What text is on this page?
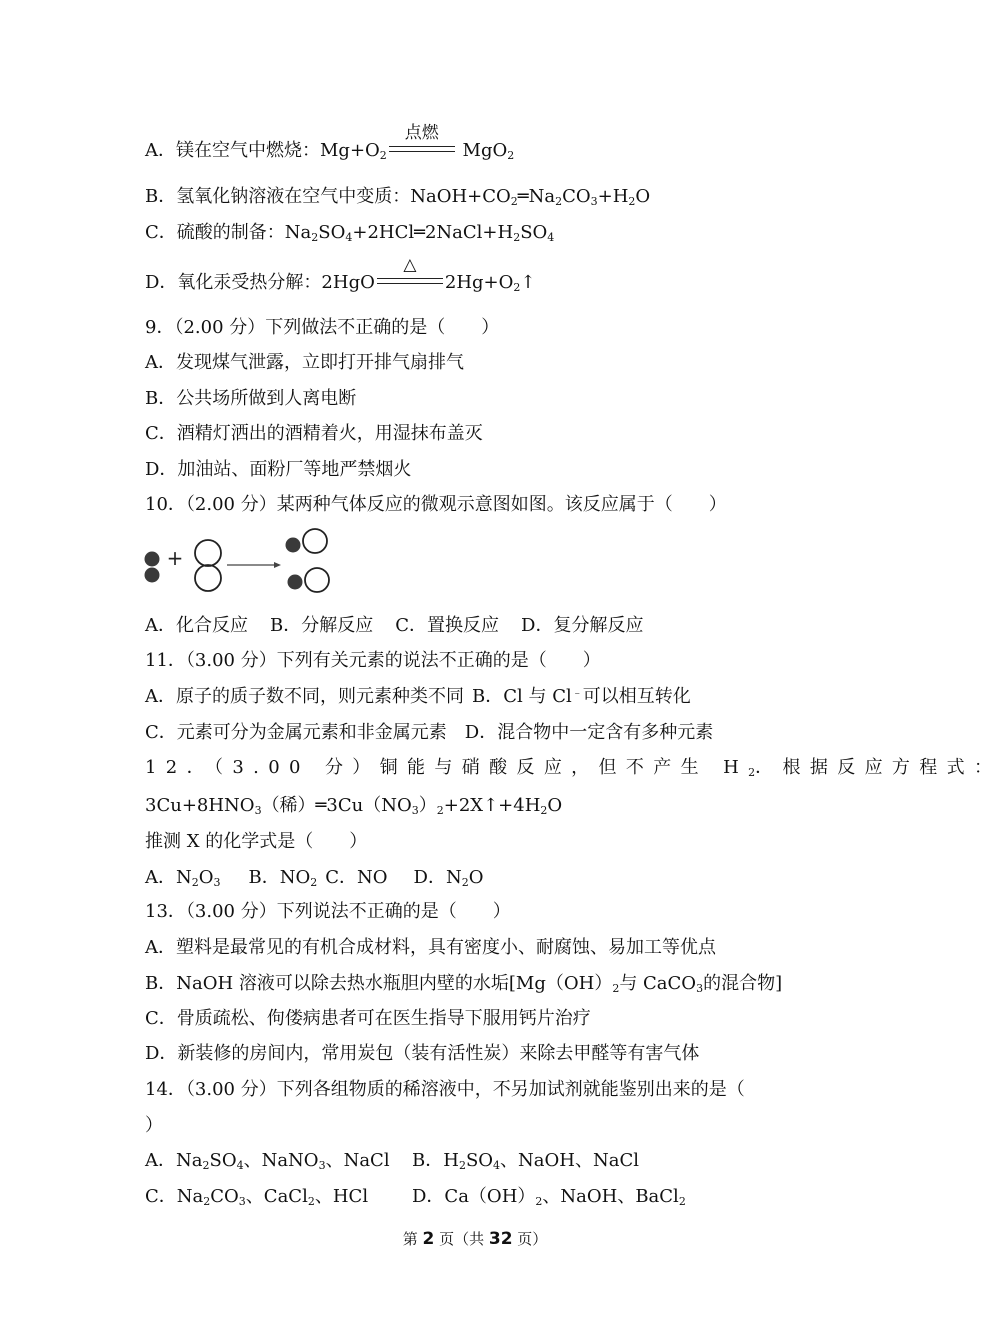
A．镁在空气中燃烧：$Mg+O_2$
点燃
MgO$_2$
B．氢氧化钠溶液在空气中变质：$NaOH+CO_2═Na_2CO_3+H_2O$
C．硫酸的制备：$Na_2SO_4+2HCl═2NaCl+H_2SO_4$
D．氧化汞受热分解：2HgO
△
$2Hg+O_2↑$
9．（2.00 分）下列做法不正确的是（　　）
A．发现煤气泄露，立即打开排气扇排气
B．公共场所做到人离电断
C．酒精灯洒出的酒精着火，用湿抹布盖灭
D．加油站、面粉厂等地严禁烟火
10．（2.00 分）某两种气体反应的微观示意图如图。该反应属于（　　）
+
A．化合反应 B．分解反应 C．置换反应 D．复分解反应
11．（3.00 分）下列有关元素的说法不正确的是（　　）
A．原子的质子数不同，则元素种类不同 B．Cl 与 Cl﹣可以相互转化
C．元素可分为金属元素和非金属元素 D．混合物中一定含有多种元素
12．（3.00 分）铜能与硝酸反应，但不产生 $H_2$．根据反应方程式：
$3Cu+8HNO_3$（稀）$═3Cu(NO_3)_2+2X↑+4H_2O$
推测 X 的化学式是（　　）
A．$N_2O_3$ B．$NO_2$ C．NO D．$N_2O$
13．（3.00 分）下列说法不正确的是（　　）
A．塑料是最常见的有机合成材料，具有密度小、耐腐蚀、易加工等优点
B．NaOH 溶液可以除去热水瓶胆内壁的水垢[$Mg(OH)_2$与 CaCO$_3$的混合物]
C．骨质疏松、佝偻病患者可在医生指导下服用钙片治疗
D．新装修的房间内，常用炭包（装有活性炭）来除去甲醛等有害气体
14．（3.00 分）下列各组物质的稀溶液中，不另加试剂就能鉴别出来的是（
）
A．$Na_2SO_4$、NaNO$_3$、NaCl B．$H_2SO_4$、NaOH、NaCl
C．$Na_2CO_3$、CaCl$_2$、HCl D．$Ca(OH)_2$、NaOH、BaCl$_2$
第 2 页（共 32 页）
